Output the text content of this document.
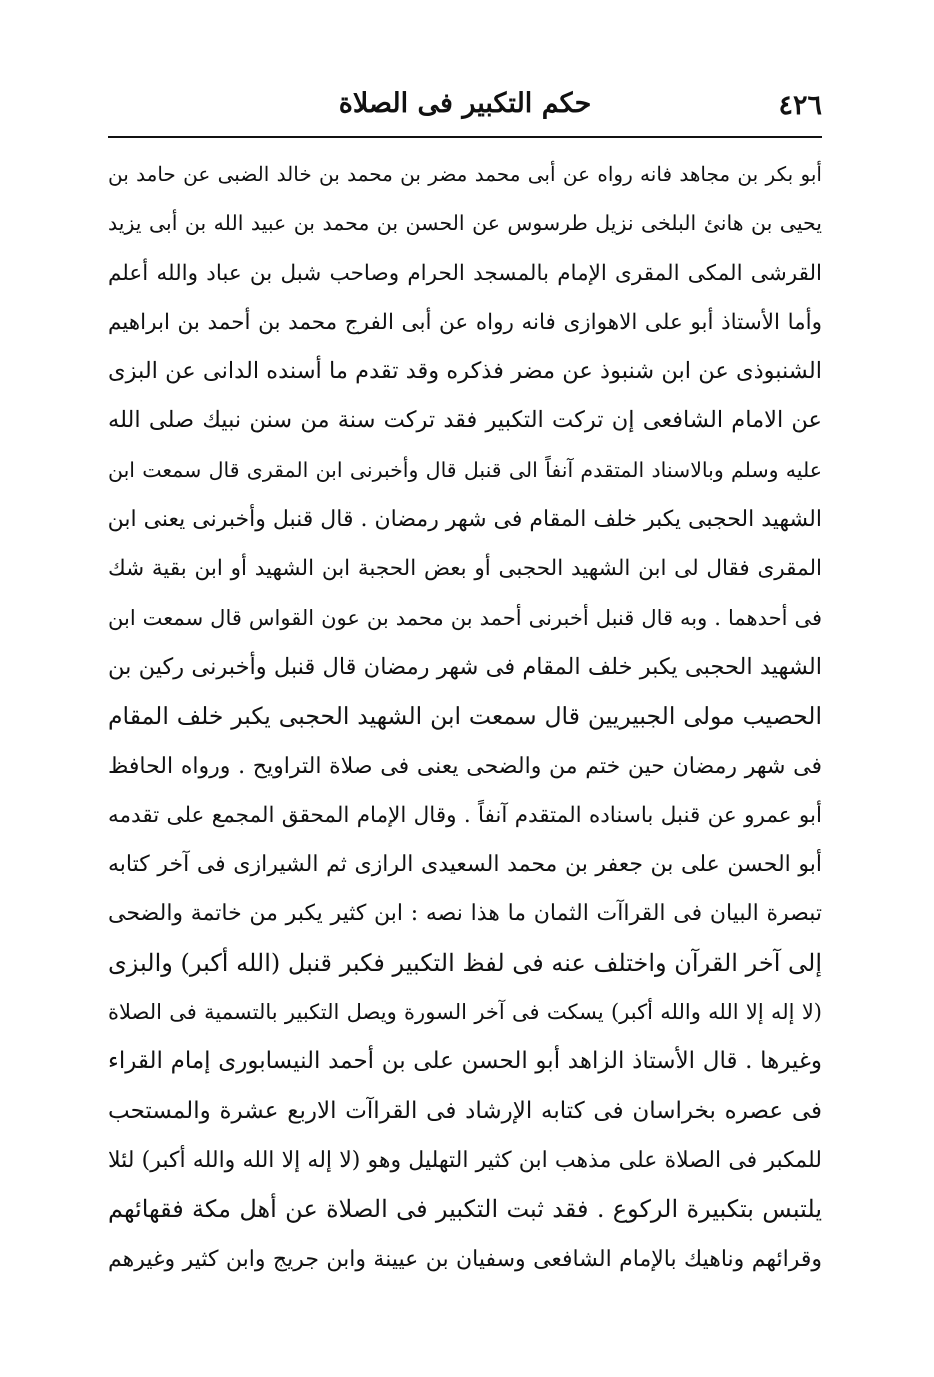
٤٢٦
حكم التكبير فى الصلاة
أبو بكر بن مجاهد فانه رواه عن أبى محمد مضر بن محمد بن خالد الضبى عن حامد بن
يحيى بن هانئ البلخى نزيل طرسوس عن الحسن بن محمد بن عبيد الله بن أبى يزيد
القرشى المكى المقرى الإمام بالمسجد الحرام وصاحب شبل بن عباد والله أعلم
وأما الأستاذ أبو على الاهوازى فانه رواه عن أبى الفرج محمد بن أحمد بن ابراهيم
الشنبوذى عن ابن شنبوذ عن مضر فذكره وقد تقدم ما أسنده الدانى عن البزى
عن الامام الشافعى إن تركت التكبير فقد تركت سنة من سنن نبيك صلى الله
عليه وسلم وبالاسناد المتقدم آنفاً الى قنبل قال وأخبرنى ابن المقرى قال سمعت ابن
الشهيد الحجبى يكبر خلف المقام فى شهر رمضان . قال قنبل وأخبرنى يعنى ابن
المقرى فقال لى ابن الشهيد الحجبى أو بعض الحجبة ابن الشهيد أو ابن بقية شك
فى أحدهما . وبه قال قنبل أخبرنى أحمد بن محمد بن عون القواس قال سمعت ابن
الشهيد الحجبى يكبر خلف المقام فى شهر رمضان قال قنبل وأخبرنى ركين بن
الحصيب مولى الجبيريين قال سمعت ابن الشهيد الحجبى يكبر خلف المقام
فى شهر رمضان حين ختم من والضحى يعنى فى صلاة التراويح . ورواه الحافظ
أبو عمرو عن قنبل باسناده المتقدم آنفاً . وقال الإمام المحقق المجمع على تقدمه
أبو الحسن على بن جعفر بن محمد السعيدى الرازى ثم الشيرازى فى آخر كتابه
تبصرة البيان فى القراآت الثمان ما هذا نصه : ابن كثير يكبر من خاتمة والضحى
إلى آخر القرآن واختلف عنه فى لفظ التكبير فكبر قنبل (الله أكبر) والبزى
(لا إله إلا الله والله أكبر) يسكت فى آخر السورة ويصل التكبير بالتسمية فى الصلاة
وغيرها . قال الأستاذ الزاهد أبو الحسن على بن أحمد النيسابورى إمام القراء
فى عصره بخراسان فى كتابه الإرشاد فى القراآت الاربع عشرة والمستحب
للمكبر فى الصلاة على مذهب ابن كثير التهليل وهو (لا إله إلا الله والله أكبر) لئلا
يلتبس بتكبيرة الركوع . فقد ثبت التكبير فى الصلاة عن أهل مكة فقهائهم
وقرائهم وناهيك بالإمام الشافعى وسفيان بن عيينة وابن جريج وابن كثير وغيرهم
